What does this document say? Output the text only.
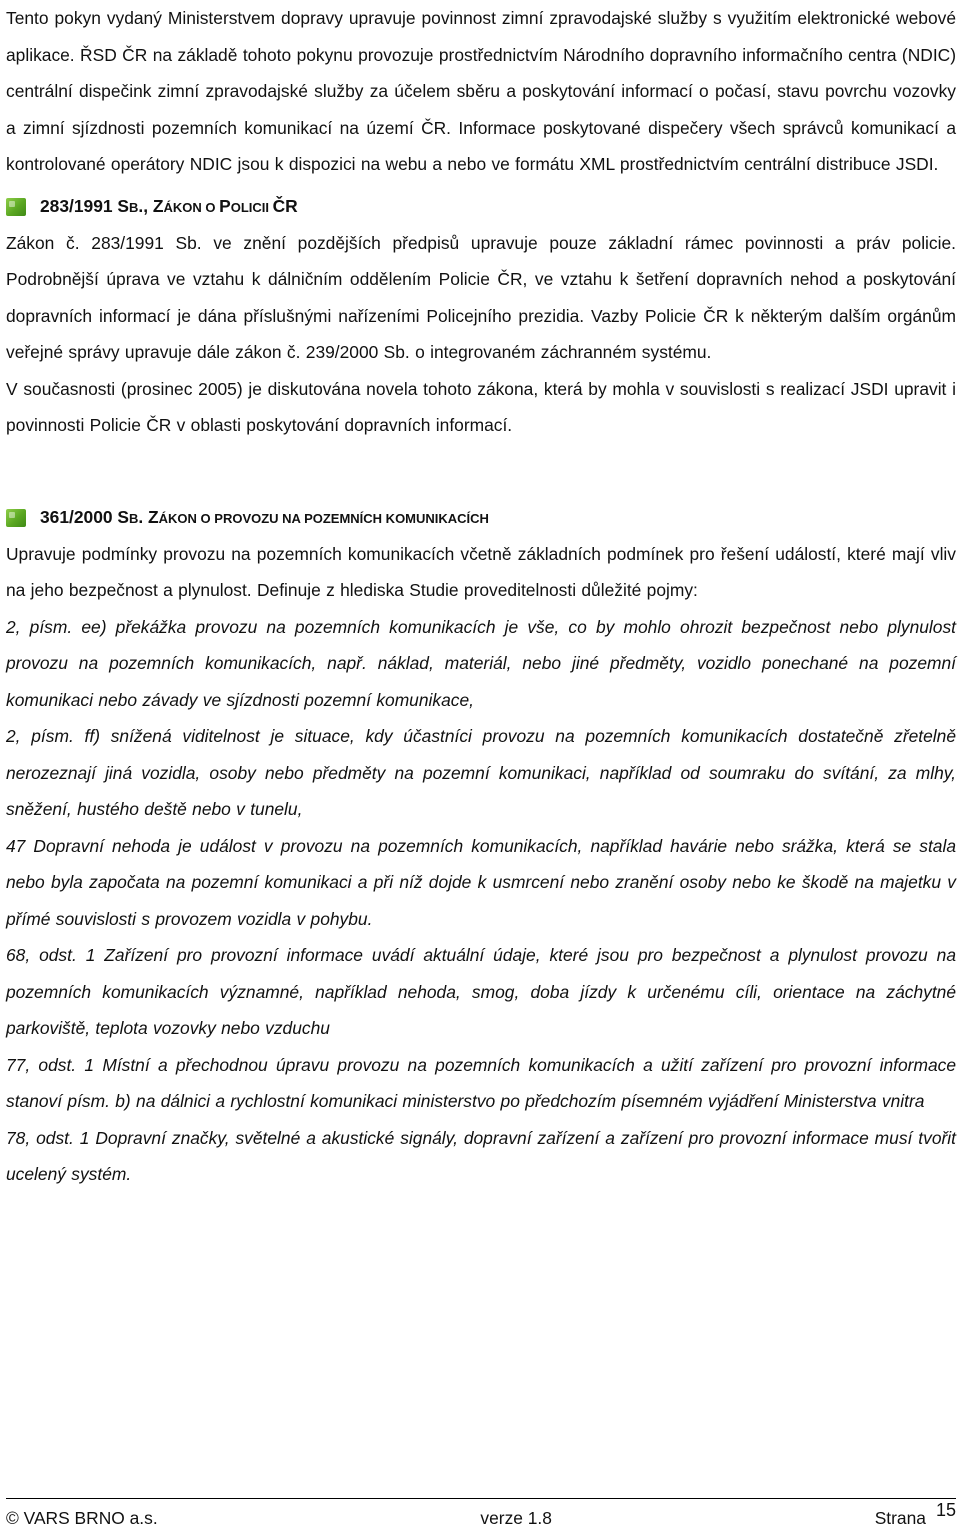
Tento pokyn vydaný Ministerstvem dopravy upravuje povinnost zimní zpravodajské služby s využitím elektronické webové aplikace. ŘSD ČR na základě tohoto pokynu provozuje prostřednictvím Národního dopravního informačního centra (NDIC) centrální dispečink zimní zpravodajské služby za účelem sběru a poskytování informací o počasí, stavu povrchu vozovky a zimní sjízdnosti pozemních komunikací na území ČR. Informace poskytované dispečery všech správců komunikací a kontrolované operátory NDIC jsou k dispozici na webu a nebo ve formátu XML prostřednictvím centrální distribuce JSDI.

283/1991 SB., ZÁKON O POLICII ČR

Zákon č. 283/1991 Sb. ve znění pozdějších předpisů upravuje pouze základní rámec povinnosti a práv policie. Podrobnější úprava ve vztahu k dálničním oddělením Policie ČR, ve vztahu k šetření dopravních nehod a poskytování dopravních informací je dána příslušnými nařízeními Policejního prezidia. Vazby Policie ČR k některým dalším orgánům veřejné správy upravuje dále zákon č. 239/2000 Sb. o integrovaném záchranném systému.

V současnosti (prosinec 2005) je diskutována novela tohoto zákona, která by mohla v souvislosti s realizací JSDI upravit i povinnosti Policie ČR v oblasti poskytování dopravních informací.

361/2000 SB. ZÁKON O PROVOZU NA POZEMNÍCH KOMUNIKACÍCH

Upravuje podmínky provozu na pozemních komunikacích včetně základních podmínek pro řešení událostí, které mají vliv na jeho bezpečnost a plynulost. Definuje z hlediska Studie proveditelnosti důležité pojmy:

2, písm. ee) překážka provozu na pozemních komunikacích je vše, co by mohlo ohrozit bezpečnost nebo plynulost provozu na pozemních komunikacích, např. náklad, materiál, nebo jiné předměty, vozidlo ponechané na pozemní komunikaci nebo závady ve sjízdnosti pozemní komunikace,

2, písm. ff) snížená viditelnost je situace, kdy účastníci provozu na pozemních komunikacích dostatečně zřetelně nerozeznají jiná vozidla, osoby nebo předměty na pozemní komunikaci, například od soumraku do svítání, za mlhy, sněžení, hustého deště nebo v tunelu,

47 Dopravní nehoda je událost v provozu na pozemních komunikacích, například havárie nebo srážka, která se stala nebo byla započata na pozemní komunikaci a při níž dojde k usmrcení nebo zranění osoby nebo ke škodě na majetku v přímé souvislosti s provozem vozidla v pohybu.

68, odst. 1 Zařízení pro provozní informace uvádí aktuální údaje, které jsou pro bezpečnost a plynulost provozu na pozemních komunikacích významné, například nehoda, smog, doba jízdy k určenému cíli, orientace na záchytné parkoviště, teplota vozovky nebo vzduchu

77, odst. 1 Místní a přechodnou úpravu provozu na pozemních komunikacích a užití zařízení pro provozní informace stanoví písm. b) na dálnici a rychlostní komunikaci ministerstvo po předchozím písemném vyjádření Ministerstva vnitra

78, odst. 1 Dopravní značky, světelné a akustické signály, dopravní zařízení a zařízení pro provozní informace musí tvořit ucelený systém.

© VARS BRNO a.s.	verze 1.8	Strana $^{15}$
